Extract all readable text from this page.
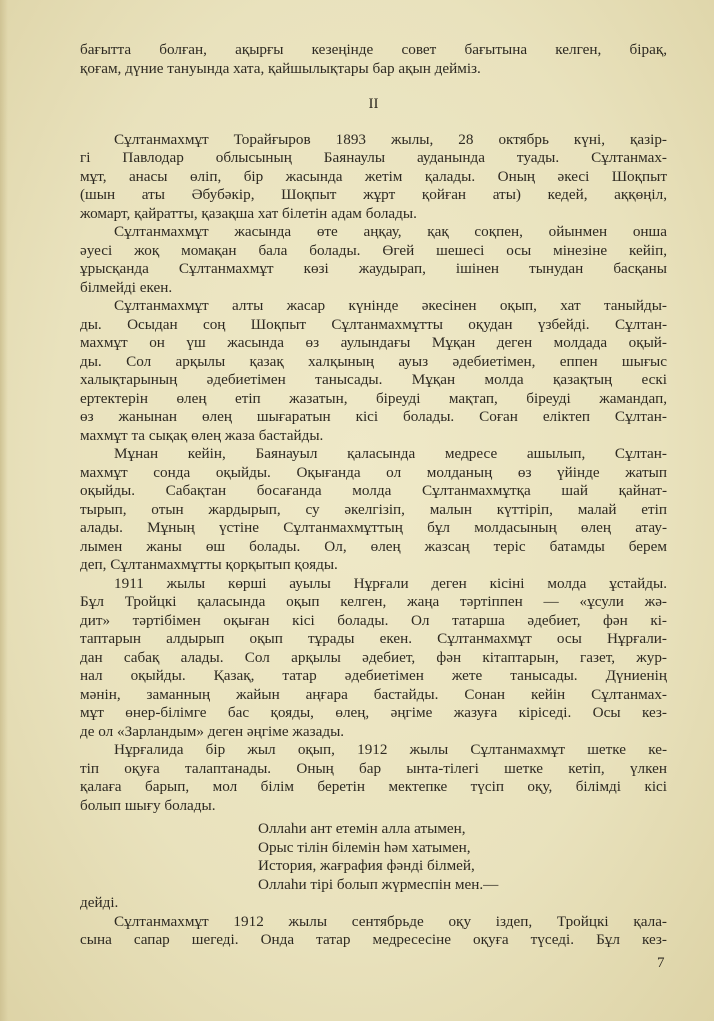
бағытта болған, ақырғы кезеңінде совет бағытына келген, бірақ,
қоғам, дүние тануында хата, қайшылықтары бар ақын дейміз.
II
Сұлтанмахмұт Торайғыров 1893 жылы, 28 октябрь күні, қазір-
гі Павлодар облысының Баянаулы ауданында туады. Сұлтанмах-
мұт, анасы өліп, бір жасында жетім қалады. Оның әкесі Шоқпыт
(шын аты Әбубәкір, Шоқпыт жұрт қойған аты) кедей, аққөңіл,
жомарт, қайратты, қазақша хат білетін адам болады.
Сұлтанмахмұт жасында өте аңқау, қақ соқпен, ойынмен онша
әуесі жоқ момақан бала болады. Өгей шешесі осы мінезіне кейіп,
ұрысқанда Сұлтанмахмұт көзі жаудырап, ішінен тынудан басқаны
білмейді екен.
Сұлтанмахмұт алты жасар күнінде әкесінен оқып, хат таныйды-
ды. Осыдан соң Шоқпыт Сұлтанмахмұтты оқудан үзбейді. Сұлтан-
махмұт он үш жасында өз аулындағы Мұқан деген молдада оқый-
ды. Сол арқылы қазақ халқының ауыз әдебиетімен, еппен шығыс
халықтарының әдебиетімен танысады. Мұқан молда қазақтың ескі
ертектерін өлең етіп жазатын, біреуді мақтап, біреуді жамандап,
өз жанынан өлең шығаратын кісі болады. Соған еліктеп Сұлтан-
махмұт та сықақ өлең жаза бастайды.
Мұнан кейін, Баянауыл қаласында медресе ашылып, Сұлтан-
махмұт сонда оқыйды. Оқығанда ол молданың өз үйінде жатып
оқыйды. Сабақтан босағанда молда Сұлтанмахмұтқа шай қайнат-
тырып, отын жардырып, су әкелгізіп, малын күттіріп, малай етіп
алады. Мұның үстіне Сұлтанмахмұттың бұл молдасының өлең атау-
лымен жаны өш болады. Ол, өлең жазсаң теріс батамды берем
деп, Сұлтанмахмұтты қорқытып қояды.
1911 жылы көрші ауылы Нұрғали деген кісіні молда ұстайды.
Бұл Тройцкі қаласында оқып келген, жаңа тәртіппен — «ұсули жә-
дит» тәртібімен оқыған кісі болады. Ол татарша әдебиет, фән кі-
таптарын алдырып оқып тұрады екен. Сұлтанмахмұт осы Нұрғали-
дан сабақ алады. Сол арқылы әдебиет, фән кітаптарын, газет, жур-
нал оқыйды. Қазақ, татар әдебиетімен жете танысады. Дүниенің
мәнін, заманның жайын аңғара бастайды. Сонан кейін Сұлтанмах-
мұт өнер-білімге бас қояды, өлең, әңгіме жазуға кіріседі. Осы кез-
де ол «Зарландым» деген әңгіме жазады.
Нұрғалида бір жыл оқып, 1912 жылы Сұлтанмахмұт шетке ке-
тіп оқуға талаптанады. Оның бар ынта-тілегі шетке кетіп, үлкен
қалаға барып, мол білім беретін мектепке түсіп оқу, білімді кісі
болып шығу болады.
Оллаһи ант етемін алла атымен,
Орыс тілін білемін һәм хатымен,
История, жағрафия фәнді білмей,
Оллаһи тірі болып жүрмеспін мен.—
дейді.
Сұлтанмахмұт 1912 жылы сентябрьде оқу іздеп, Тройцкі қала-
сына сапар шегеді. Онда татар медресесіне оқуға түседі. Бұл кез-
7
